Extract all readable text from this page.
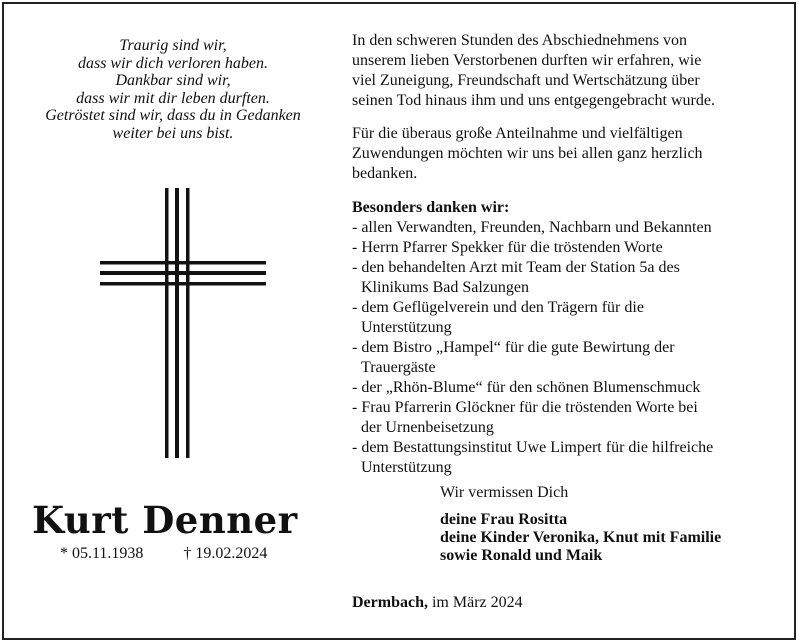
Traurig sind wir,
dass wir dich verloren haben.
Dankbar sind wir,
dass wir mit dir leben durften.
Getröstet sind wir, dass du in Gedanken
weiter bei uns bist.
Kurt Denner
* 05.11.1938	† 19.02.2024
In den schweren Stunden des Abschiednehmens von
unserem lieben Verstorbenen durften wir erfahren, wie
viel Zuneigung, Freundschaft und Wertschätzung über
seinen Tod hinaus ihm und uns entgegengebracht wurde.
Für die überaus große Anteilnahme und vielfältigen
Zuwendungen möchten wir uns bei allen ganz herzlich
bedanken.
Besonders danken wir:
- allen Verwandten, Freunden, Nachbarn und Bekannten
- Herrn Pfarrer Spekker für die tröstenden Worte
- den behandelten Arzt mit Team der Station 5a des
Klinikums Bad Salzungen
- dem Geflügelverein und den Trägern für die
Unterstützung
- dem Bistro „Hampel“ für die gute Bewirtung der
Trauergäste
- der „Rhön-Blume“ für den schönen Blumenschmuck
- Frau Pfarrerin Glöckner für die tröstenden Worte bei
der Urnenbeisetzung
- dem Bestattungsinstitut Uwe Limpert für die hilfreiche
Unterstützung
Wir vermissen Dich
deine Frau Rositta
deine Kinder Veronika, Knut mit Familie
sowie Ronald und Maik
Dermbach, im März 2024
